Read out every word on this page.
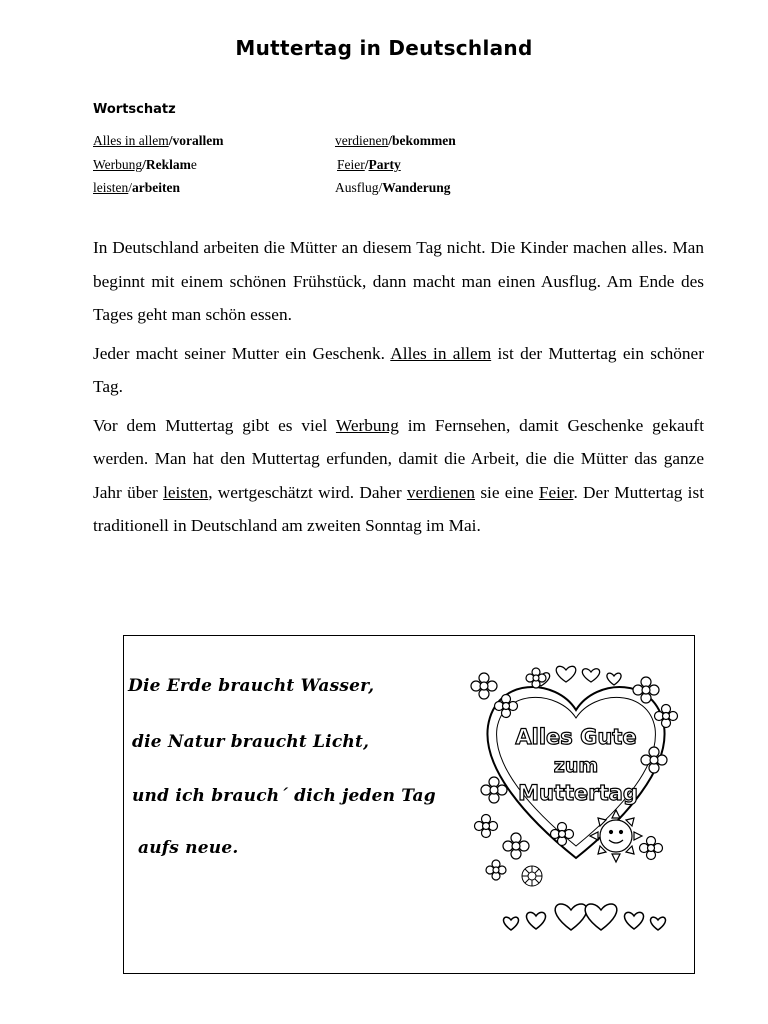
Muttertag in Deutschland
Wortschatz
Alles in allem/vorallem
Werbung/Reklame
leisten/arbeiten
verdienen/bekommen
Feier/Party
Ausflug/Wanderung

In Deutschland arbeiten die Mütter an diesem Tag nicht. Die Kinder machen alles. Man beginnt mit einem schönen Frühstück, dann macht man einen Ausflug. Am Ende des Tages geht man schön essen.

Jeder macht seiner Mutter ein Geschenk. Alles in allem ist der Muttertag ein schöner Tag.

Vor dem Muttertag gibt es viel Werbung im Fernsehen, damit Geschenke gekauft werden. Man hat den Muttertag erfunden, damit die Arbeit, die die Mütter das ganze Jahr über leisten, wertgeschätzt wird. Daher verdienen sie eine Feier. Der Muttertag ist traditionell in Deutschland am zweiten Sonntag im Mai.

Die Erde braucht Wasser,
die Natur braucht Licht,
und ich brauch´ dich jeden Tag
aufs neue.
Alles Gute
zum
Muttertag
